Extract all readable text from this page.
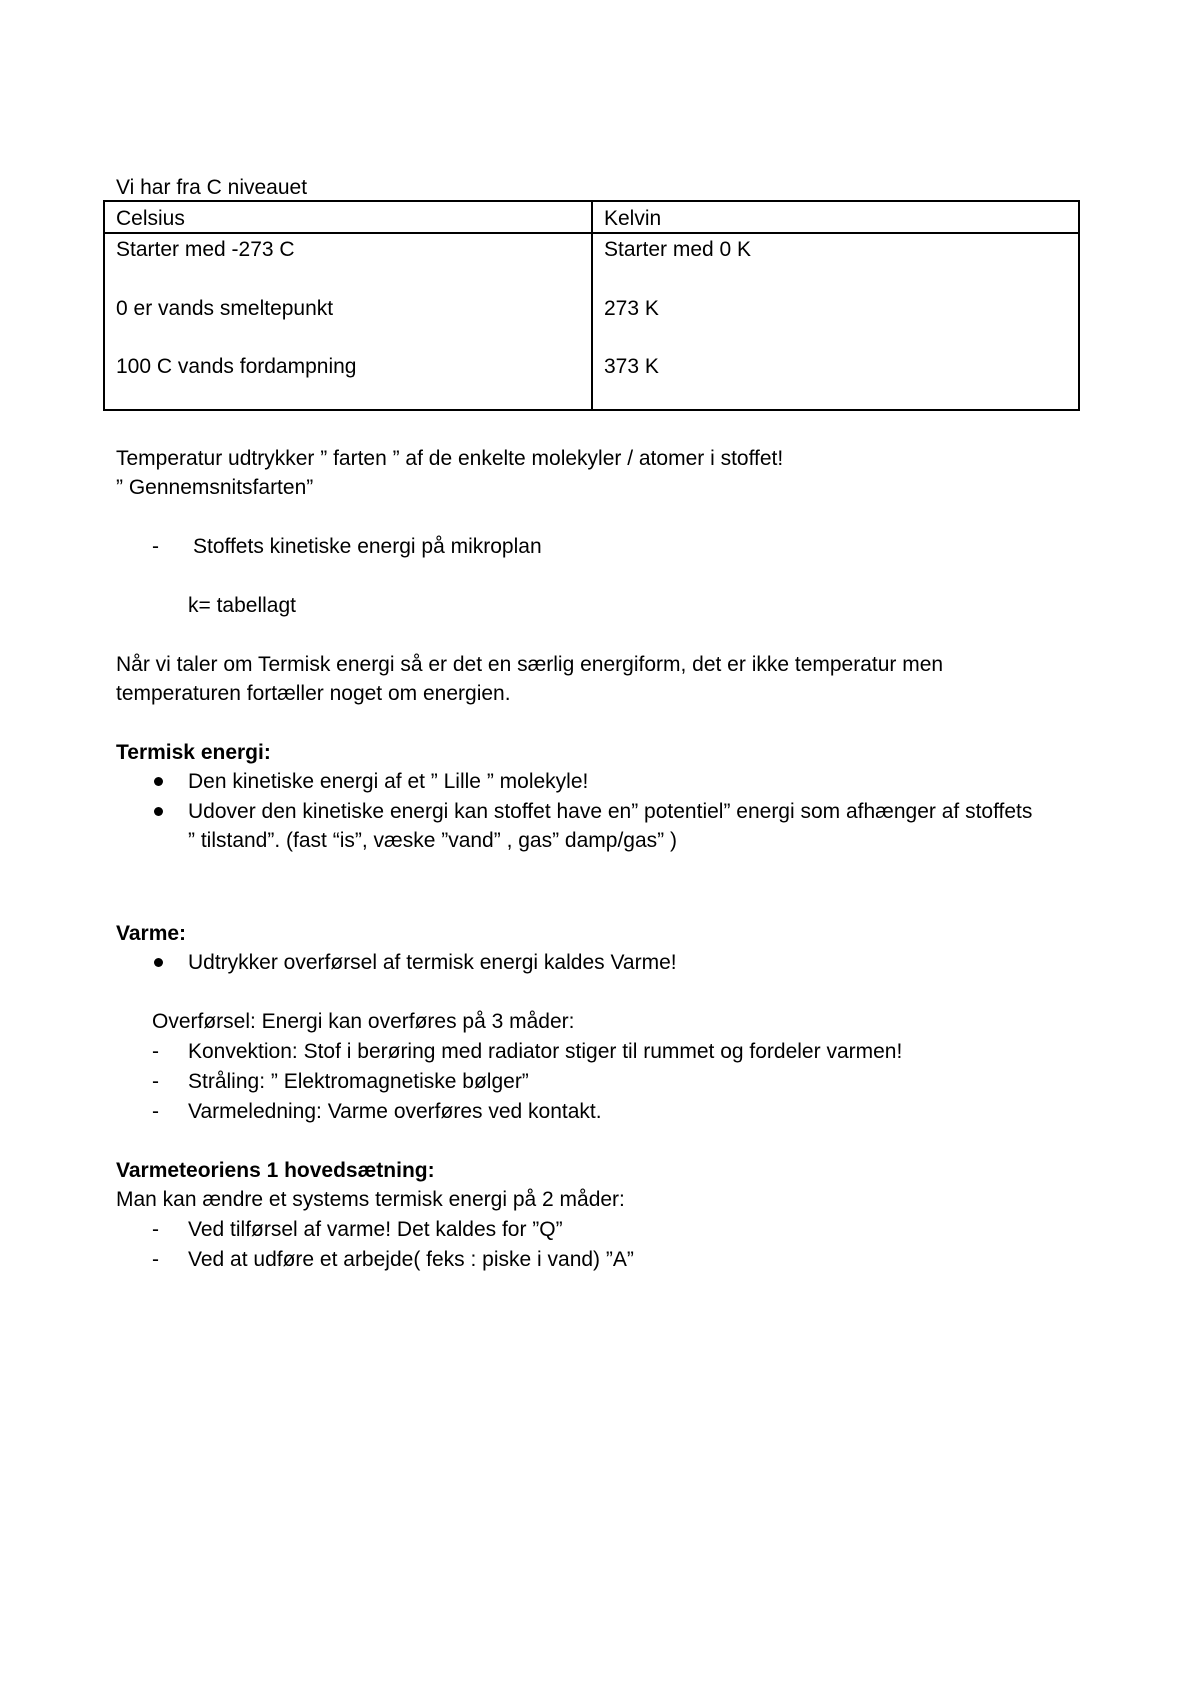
Vi har fra C niveauet
Celsius	Kelvin
Starter med -273 C	Starter med 0 K
0 er vands smeltepunkt	273 K
100 C vands fordampning	373 K
Temperatur udtrykker ” farten ” af de enkelte molekyler / atomer i stoffet!
” Gennemsnitsfarten”
- Stoffets kinetiske energi på mikroplan
k= tabellagt
Når vi taler om Termisk energi så er det en særlig energiform, det er ikke temperatur men
temperaturen fortæller noget om energien.
Termisk energi:
Den kinetiske energi af et ” Lille ” molekyle!
Udover den kinetiske energi kan stoffet have en” potentiel” energi som afhænger af stoffets
” tilstand”. (fast “is”, væske ”vand” , gas” damp/gas” )
Varme:
Udtrykker overførsel af termisk energi kaldes Varme!
Overførsel: Energi kan overføres på 3 måder:
- Konvektion: Stof i berøring med radiator stiger til rummet og fordeler varmen!
- Stråling: ” Elektromagnetiske bølger”
- Varmeledning: Varme overføres ved kontakt.
Varmeteoriens 1 hovedsætning:
Man kan ændre et systems termisk energi på 2 måder:
- Ved tilførsel af varme! Det kaldes for ”Q”
- Ved at udføre et arbejde( feks : piske i vand) ”A”
